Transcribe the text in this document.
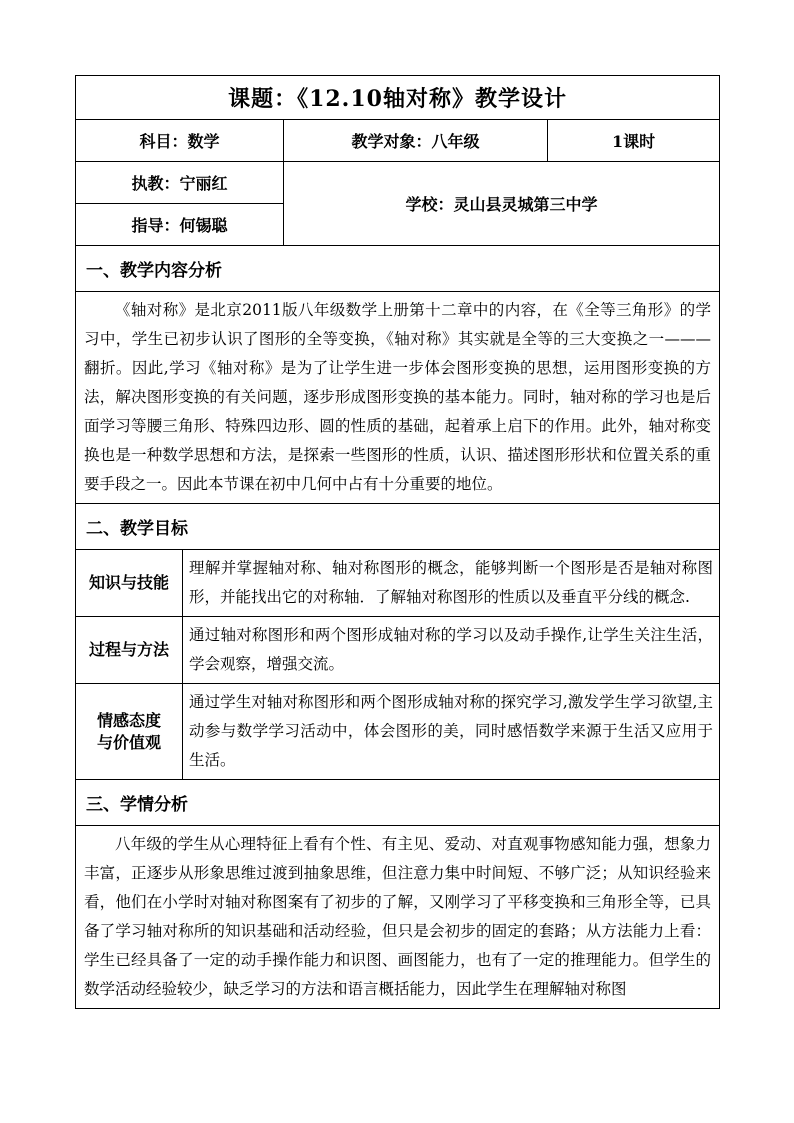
课题：《12.10轴对称》教学设计			
科目：数学		教学对象：八年级	1课时
执教：宁丽红		学校：灵山县灵城第三中学	
指导：何锡聪			
一、教学内容分析			
《轴对称》是北京2011版八年级数学上册第十二章中的内容，在《全等三角形》的学习中，学生已初步认识了图形的全等变换，《轴对称》其实就是全等的三大变换之一———翻折。因此,学习《轴对称》是为了让学生进一步体会图形变换的思想，运用图形变换的方法，解决图形变换的有关问题，逐步形成图形变换的基本能力。同时，轴对称的学习也是后面学习等腰三角形、特殊四边形、圆的性质的基础，起着承上启下的作用。此外，轴对称变换也是一种数学思想和方法，是探索一些图形的性质，认识、描述图形形状和位置关系的重要手段之一。因此本节课在初中几何中占有十分重要的地位。			
二、教学目标			
知识与技能	理解并掌握轴对称、轴对称图形的概念，能够判断一个图形是否是轴对称图形，并能找出它的对称轴．了解轴对称图形的性质以及垂直平分线的概念.		
过程与方法	通过轴对称图形和两个图形成轴对称的学习以及动手操作,让学生关注生活，学会观察，增强交流。		

情感态度
与价值观	通过学生对轴对称图形和两个图形成轴对称的探究学习,激发学生学习欲望,主动参与数学学习活动中，体会图形的美，同时感悟数学来源于生活又应用于生活。		
三、学情分析			
八年级的学生从心理特征上看有个性、有主见、爱动、对直观事物感知能力强，想象力丰富，正逐步从形象思维过渡到抽象思维，但注意力集中时间短、不够广泛；从知识经验来看，他们在小学时对轴对称图案有了初步的了解，又刚学习了平移变换和三角形全等，已具备了学习轴对称所的知识基础和活动经验，但只是会初步的固定的套路；从方法能力上看：学生已经具备了一定的动手操作能力和识图、画图能力，也有了一定的推理能力。但学生的数学活动经验较少，缺乏学习的方法和语言概括能力，因此学生在理解轴对称图			
